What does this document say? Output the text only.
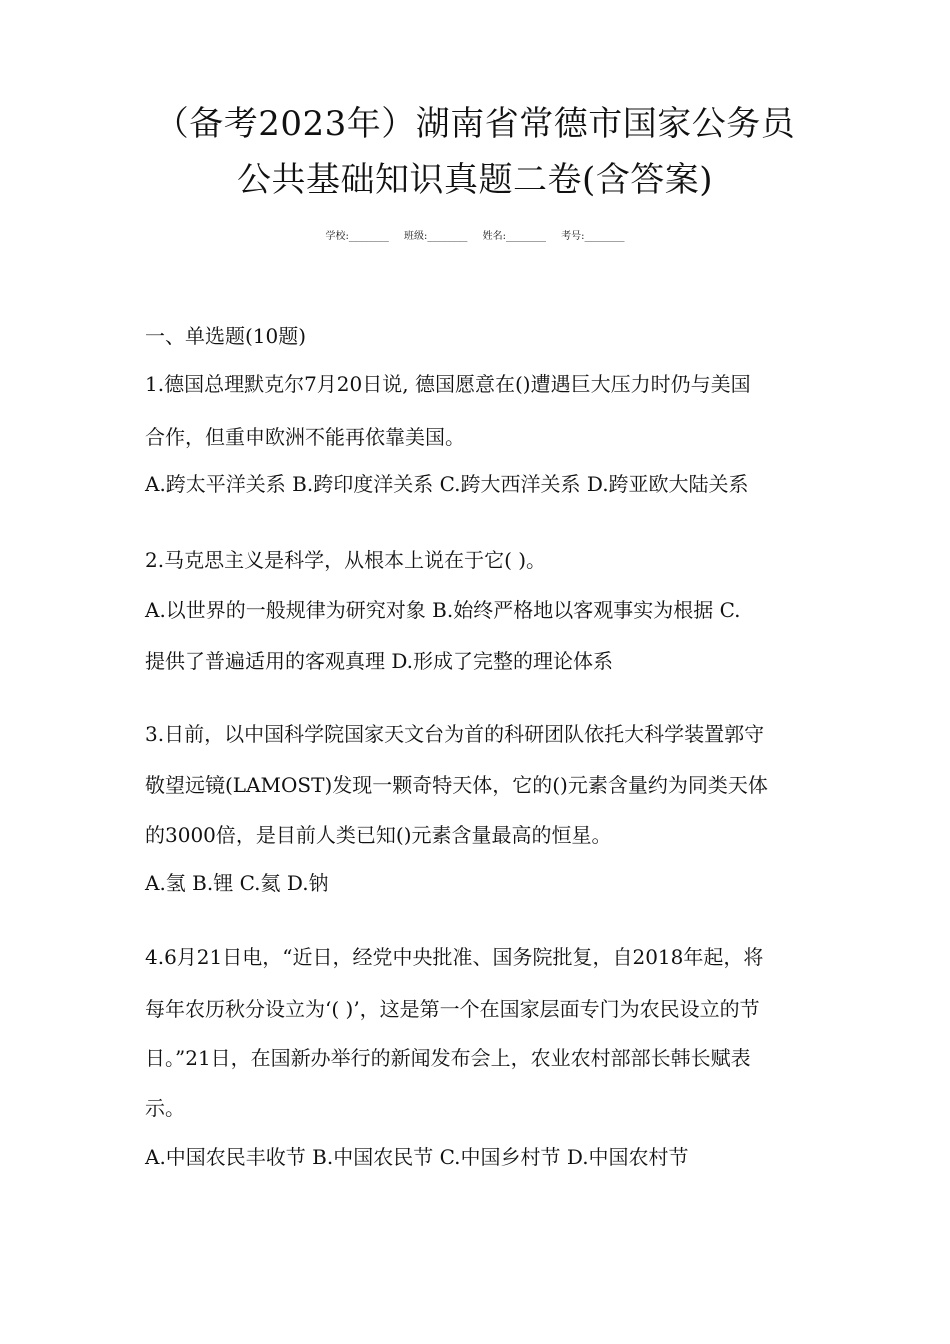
（备考2023年）湖南省常德市国家公务员
公共基础知识真题二卷(含答案)
学校:________ 班级:________ 姓名:________ 考号:________
一、单选题(10题)
1.德国总理默克尔7月20日说, 德国愿意在()遭遇巨大压力时仍与美国
合作，但重申欧洲不能再依靠美国。
A.跨太平洋关系 B.跨印度洋关系 C.跨大西洋关系 D.跨亚欧大陆关系
2.马克思主义是科学，从根本上说在于它( )。
A.以世界的一般规律为研究对象 B.始终严格地以客观事实为根据 C.
提供了普遍适用的客观真理 D.形成了完整的理论体系
3.日前，以中国科学院国家天文台为首的科研团队依托大科学装置郭守
敬望远镜(LAMOST)发现一颗奇特天体，它的()元素含量约为同类天体
的3000倍，是目前人类已知()元素含量最高的恒星。
A.氢 B.锂 C.氦 D.钠
4.6月21日电，“近日，经党中央批准、国务院批复，自2018年起，将
每年农历秋分设立为‘( )’，这是第一个在国家层面专门为农民设立的节
日。”21日，在国新办举行的新闻发布会上，农业农村部部长韩长赋表
示。
A.中国农民丰收节 B.中国农民节 C.中国乡村节 D.中国农村节
